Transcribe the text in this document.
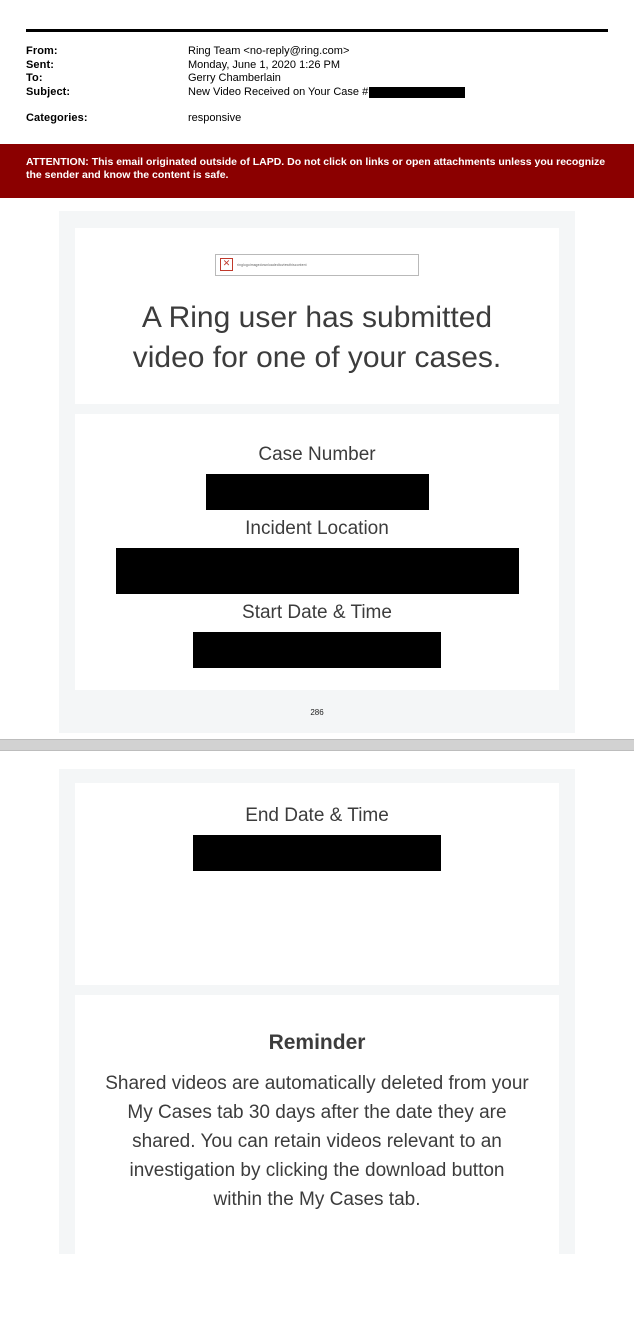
From:	Ring Team <no-reply@ring.com>
Sent:	Monday, June 1, 2020 1:26 PM
To:	Gerry Chamberlain
Subject:	New Video Received on Your Case #
Categories:	responsive
ATTENTION: This email originated outside of LAPD. Do not click on links or open attachments unless you recognize the sender and know the content is safe.
✕	ringlogoimagedownloadedtoviewthiscontent
A Ring user has submitted video for one of your cases.
Case Number
Incident Location
Start Date & Time
286
End Date & Time
Reminder
Shared videos are automatically deleted from your My Cases tab 30 days after the date they are shared. You can retain videos relevant to an investigation by clicking the download button within the My Cases tab.
